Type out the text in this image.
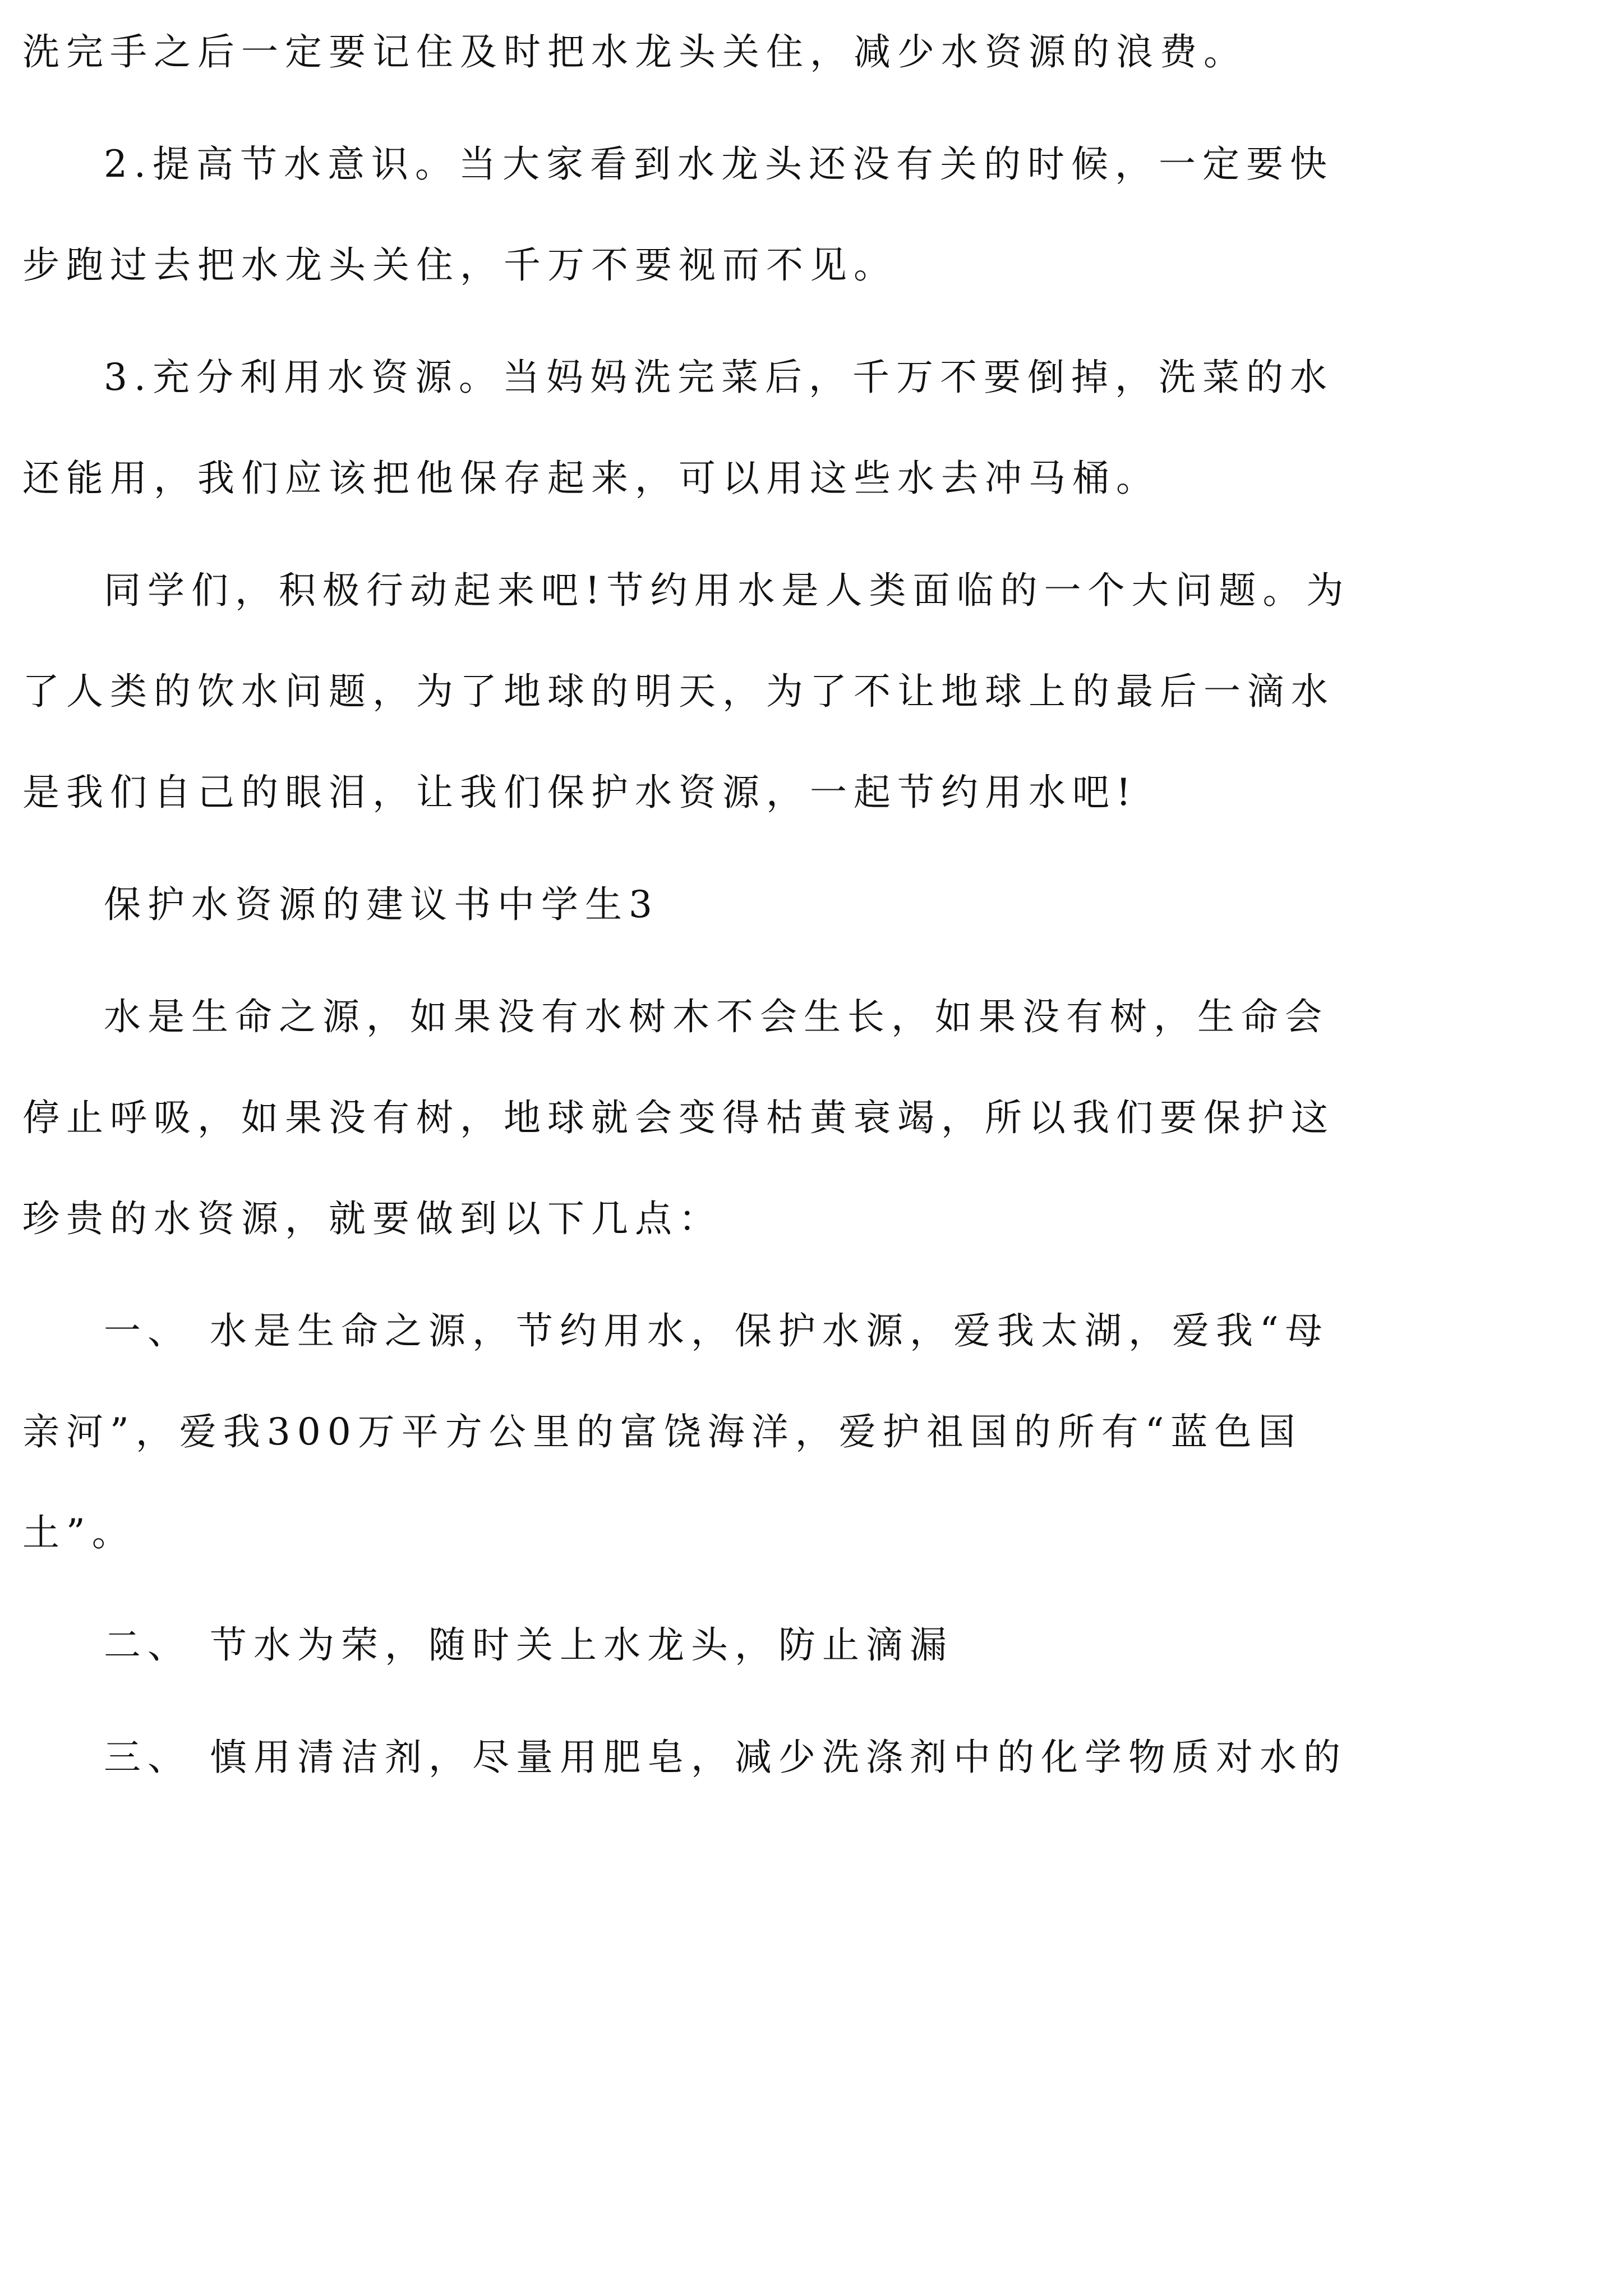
洗完手之后一定要记住及时把水龙头关住，减少水资源的浪费。
2.提高节水意识。当大家看到水龙头还没有关的时候，一定要快
步跑过去把水龙头关住，千万不要视而不见。
3.充分利用水资源。当妈妈洗完菜后，千万不要倒掉，洗菜的水
还能用，我们应该把他保存起来，可以用这些水去冲马桶。
同学们，积极行动起来吧!节约用水是人类面临的一个大问题。为
了人类的饮水问题，为了地球的明天，为了不让地球上的最后一滴水
是我们自己的眼泪，让我们保护水资源，一起节约用水吧!
保护水资源的建议书中学生3
水是生命之源，如果没有水树木不会生长，如果没有树，生命会
停止呼吸，如果没有树，地球就会变得枯黄衰竭，所以我们要保护这
珍贵的水资源，就要做到以下几点：
一、 水是生命之源，节约用水，保护水源，爱我太湖，爱我“母
亲河”，爱我300万平方公里的富饶海洋，爱护祖国的所有“蓝色国
土”。
二、 节水为荣，随时关上水龙头，防止滴漏
三、 慎用清洁剂，尽量用肥皂，减少洗涤剂中的化学物质对水的
